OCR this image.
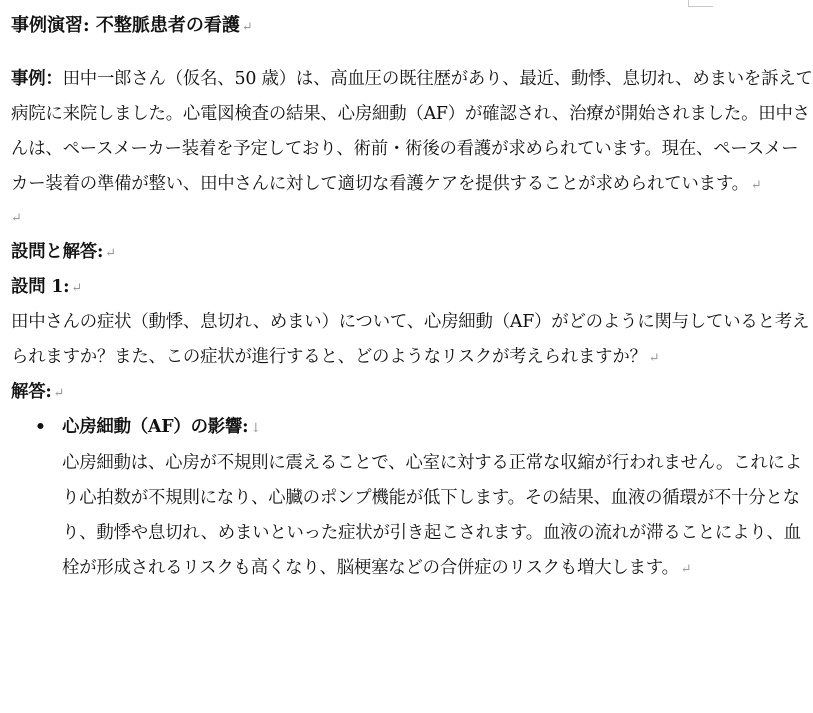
事例演習: 不整脈患者の看護 ↵
事例：田中一郎さん（仮名、50 歳）は、高血圧の既往歴があり、最近、動悸、息切れ、めまいを訴えて
病院に来院しました。心電図検査の結果、心房細動（AF）が確認され、治療が開始されました。田中さ
んは、ペースメーカー装着を予定しており、術前・術後の看護が求められています。現在、ペースメー
カー装着の準備が整い、田中さんに対して適切な看護ケアを提供することが求められています。 ↵
↵
設問と解答: ↵
設問 1: ↵
田中さんの症状（動悸、息切れ、めまい）について、心房細動（AF）がどのように関与していると考え
られますか？また、この症状が進行すると、どのようなリスクが考えられますか？ ↵
解答: ↵
• 心房細動（AF）の影響: ↓
心房細動は、心房が不規則に震えることで、心室に対する正常な収縮が行われません。これによ
り心拍数が不規則になり、心臓のポンプ機能が低下します。その結果、血液の循環が不十分とな
り、動悸や息切れ、めまいといった症状が引き起こされます。血液の流れが滞ることにより、血
栓が形成されるリスクも高くなり、脳梗塞などの合併症のリスクも増大します。 ↵
